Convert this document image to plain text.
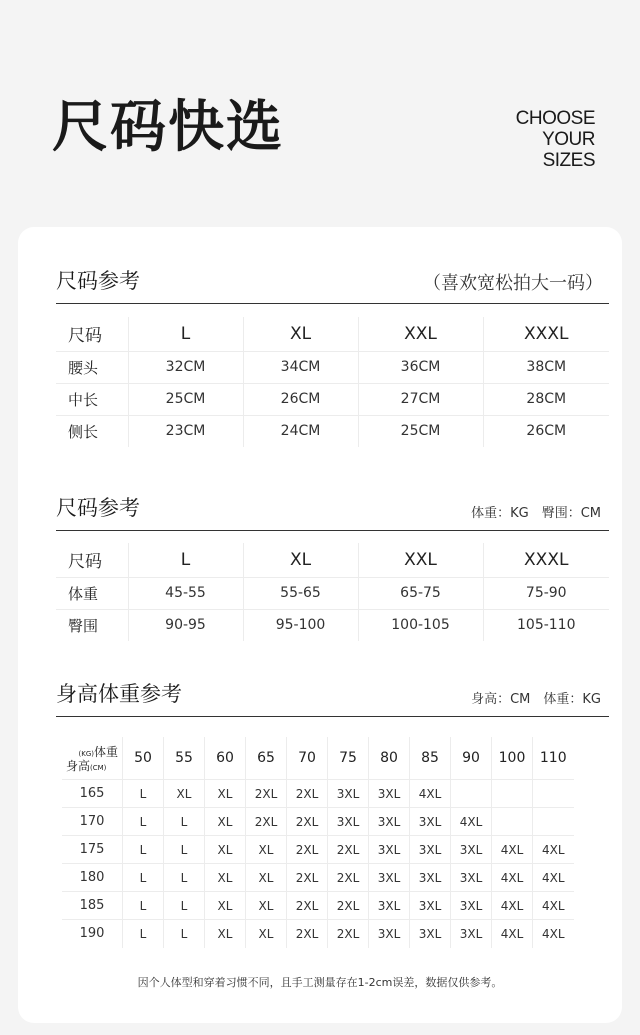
尺码快选	CHOOSE
YOUR
SIZES
尺码参考	（喜欢宽松拍大一码）
尺码	L	XL	XXL	XXXL
腰头	32CM	34CM	36CM	38CM
中长	25CM	26CM	27CM	28CM
侧长	23CM	24CM	25CM	26CM
尺码参考	体重：KG　臀围：CM
尺码	L	XL	XXL	XXXL
体重	45-55	55-65	65-75	75-90
臀围	90-95	95-100	100-105	105-110
身高体重参考	身高：CM　体重：KG
(KG)体重
身高(CM)	50	55	60	65	70	75	80	85	90	100	110
165	L	XL	XL	2XL	2XL	3XL	3XL	4XL			
170	L	L	XL	2XL	2XL	3XL	3XL	3XL	4XL		
175	L	L	XL	XL	2XL	2XL	3XL	3XL	3XL	4XL	4XL
180	L	L	XL	XL	2XL	2XL	3XL	3XL	3XL	4XL	4XL
185	L	L	XL	XL	2XL	2XL	3XL	3XL	3XL	4XL	4XL
190	L	L	XL	XL	2XL	2XL	3XL	3XL	3XL	4XL	4XL
因个人体型和穿着习惯不同，且手工测量存在1-2cm误差，数据仅供参考。
